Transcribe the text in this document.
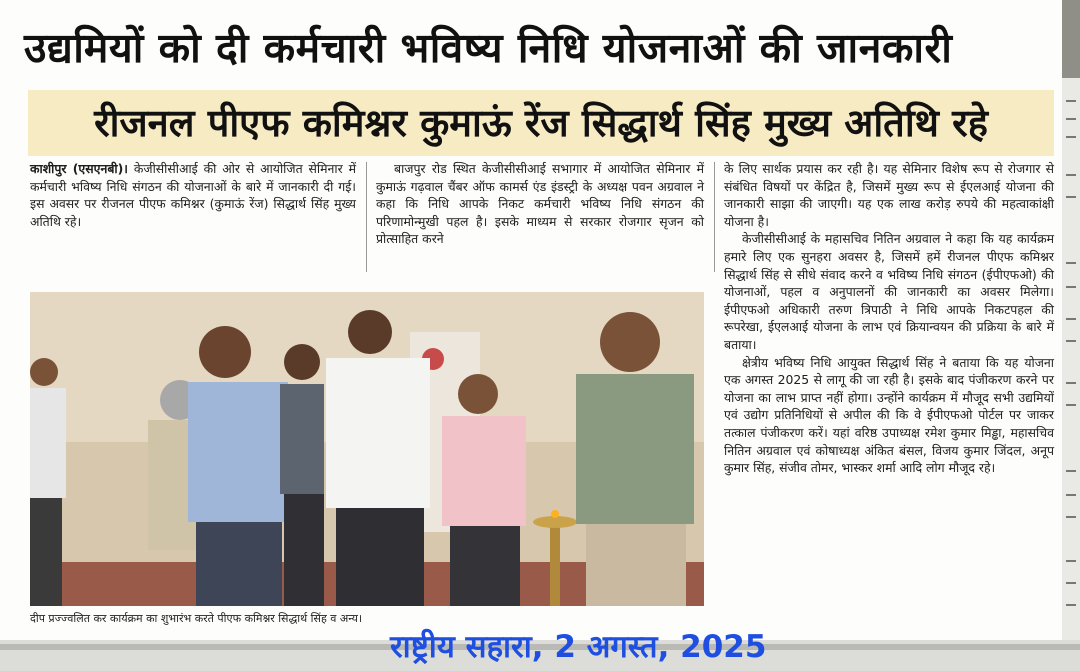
उद्यमियों को दी कर्मचारी भविष्य निधि योजनाओं की जानकारी
रीजनल पीएफ कमिश्नर कुमाऊं रेंज सिद्धार्थ सिंह मुख्य अतिथि रहे

काशीपुर (एसएनबी)। केजीसीसीआई की ओर से आयोजित सेमिनार में कर्मचारी भविष्य निधि संगठन की योजनाओं के बारे में जानकारी दी गई। इस अवसर पर रीजनल पीएफ कमिश्नर (कुमाऊं रेंज) सिद्धार्थ सिंह मुख्य अतिथि रहे।

बाजपुर रोड स्थित केजीसीसीआई सभागार में आयोजित सेमिनार में कुमाऊं गढ़वाल चैंबर ऑफ कामर्स एंड इंडस्ट्री के अध्यक्ष पवन अग्रवाल ने कहा कि निधि आपके निकट कर्मचारी भविष्य निधि संगठन की परिणामोन्मुखी पहल है। इसके माध्यम से सरकार रोजगार सृजन को प्रोत्साहित करने

के लिए सार्थक प्रयास कर रही है। यह सेमिनार विशेष रूप से रोजगार से संबंधित विषयों पर केंद्रित है, जिसमें मुख्य रूप से ईएलआई योजना की जानकारी साझा की जाएगी। यह एक लाख करोड़ रुपये की महत्वाकांक्षी योजना है।

केजीसीसीआई के महासचिव नितिन अग्रवाल ने कहा कि यह कार्यक्रम हमारे लिए एक सुनहरा अवसर है, जिसमें हमें रीजनल पीएफ कमिश्नर सिद्धार्थ सिंह से सीधे संवाद करने व भविष्य निधि संगठन (ईपीएफओ) की योजनाओं, पहल व अनुपालनों की जानकारी का अवसर मिलेगा। ईपीएफओ अधिकारी तरुण त्रिपाठी ने निधि आपके निकटपहल की रूपरेखा, ईएलआई योजना के लाभ एवं क्रियान्वयन की प्रक्रिया के बारे में बताया।

क्षेत्रीय भविष्य निधि आयुक्त सिद्धार्थ सिंह ने बताया कि यह योजना एक अगस्त 2025 से लागू की जा रही है। इसके बाद पंजीकरण करने पर योजना का लाभ प्राप्त नहीं होगा। उन्होंने कार्यक्रम में मौजूद सभी उद्यमियों एवं उद्योग प्रतिनिधियों से अपील की कि वे ईपीएफओ पोर्टल पर जाकर तत्काल पंजीकरण करें। यहां वरिष्ठ उपाध्यक्ष रमेश कुमार मिड्ढा, महासचिव नितिन अग्रवाल एवं कोषाध्यक्ष अंकित बंसल, विजय कुमार जिंदल, अनूप कुमार सिंह, संजीव तोमर, भास्कर शर्मा आदि लोग मौजूद रहे।

दीप प्रज्ज्वलित कर कार्यक्रम का शुभारंभ करते पीएफ कमिश्नर सिद्धार्थ सिंह व अन्य।
राष्ट्रीय सहारा, 2 अगस्त, 2025
